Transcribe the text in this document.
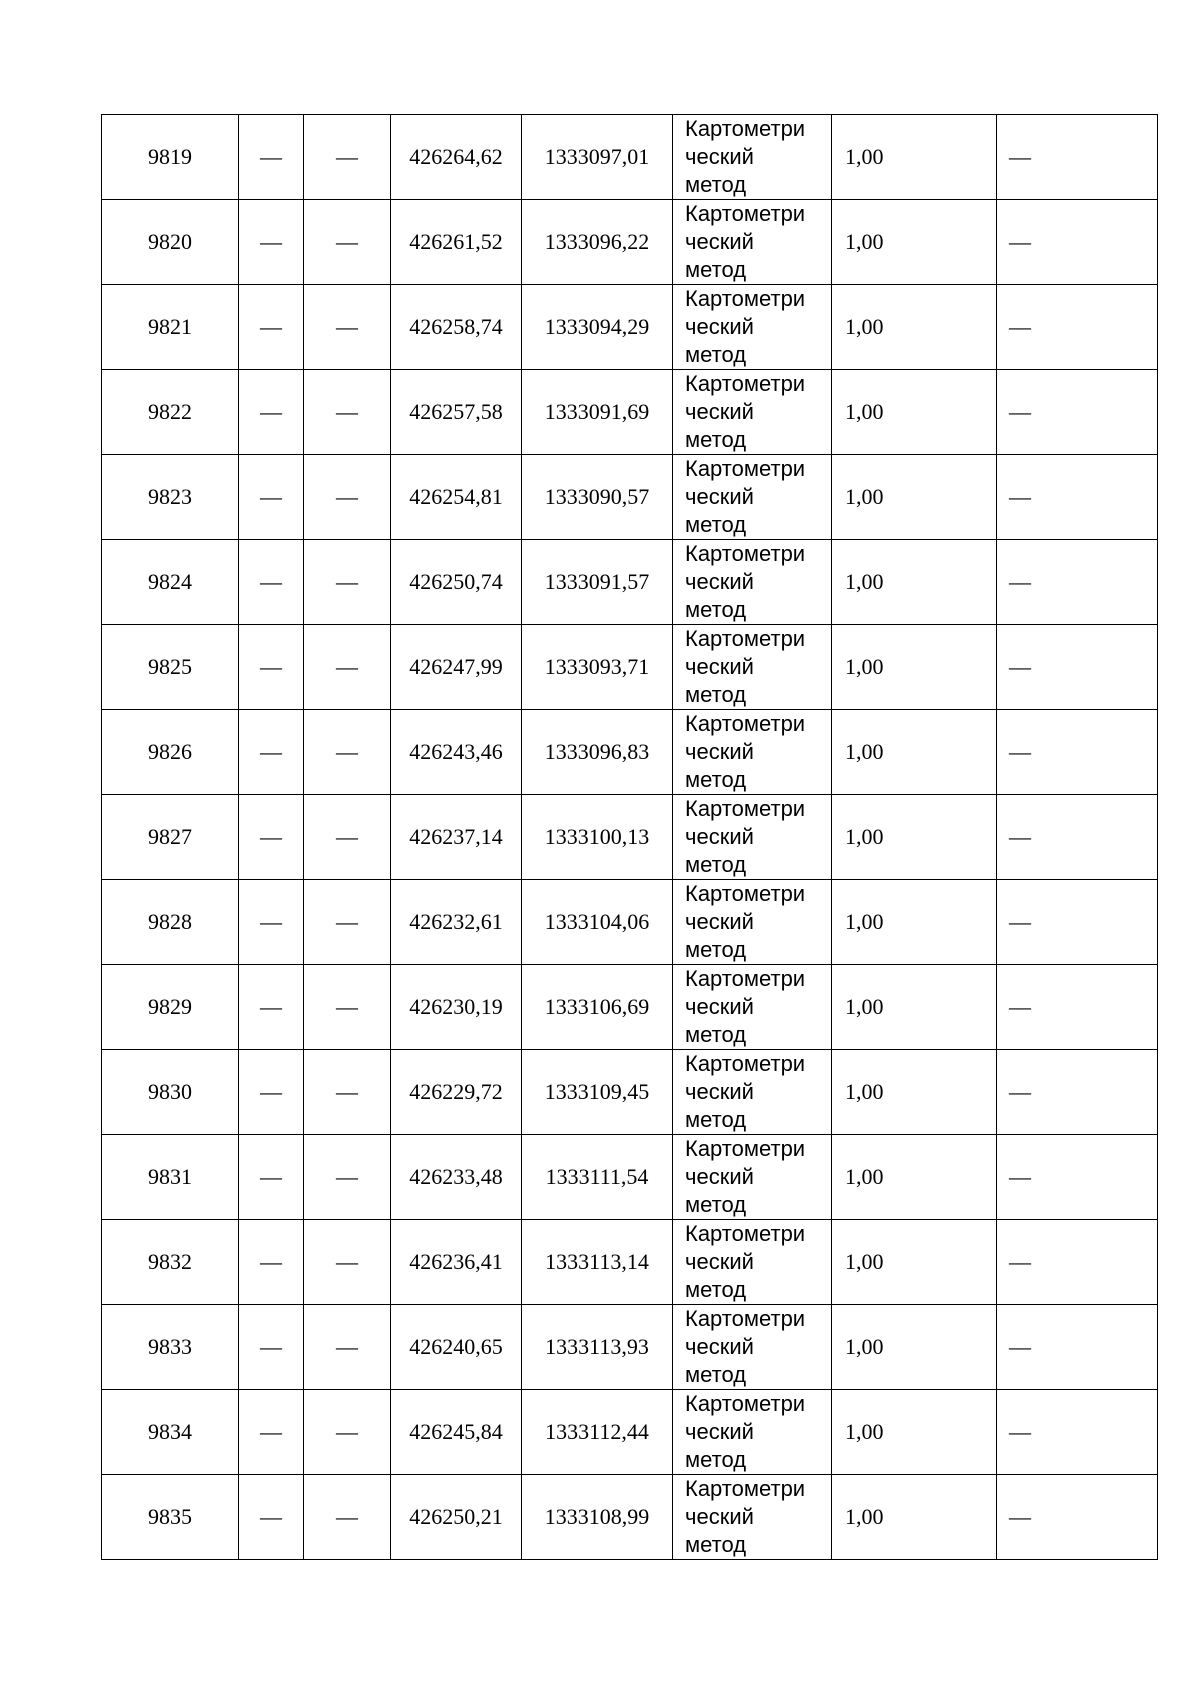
9819	—	—	426264,62	1333097,01	Картометри
ческий
метод	1,00	—
9820	—	—	426261,52	1333096,22	Картометри
ческий
метод	1,00	—
9821	—	—	426258,74	1333094,29	Картометри
ческий
метод	1,00	—
9822	—	—	426257,58	1333091,69	Картометри
ческий
метод	1,00	—
9823	—	—	426254,81	1333090,57	Картометри
ческий
метод	1,00	—
9824	—	—	426250,74	1333091,57	Картометри
ческий
метод	1,00	—
9825	—	—	426247,99	1333093,71	Картометри
ческий
метод	1,00	—
9826	—	—	426243,46	1333096,83	Картометри
ческий
метод	1,00	—
9827	—	—	426237,14	1333100,13	Картометри
ческий
метод	1,00	—
9828	—	—	426232,61	1333104,06	Картометри
ческий
метод	1,00	—
9829	—	—	426230,19	1333106,69	Картометри
ческий
метод	1,00	—
9830	—	—	426229,72	1333109,45	Картометри
ческий
метод	1,00	—
9831	—	—	426233,48	1333111,54	Картометри
ческий
метод	1,00	—
9832	—	—	426236,41	1333113,14	Картометри
ческий
метод	1,00	—
9833	—	—	426240,65	1333113,93	Картометри
ческий
метод	1,00	—
9834	—	—	426245,84	1333112,44	Картометри
ческий
метод	1,00	—
9835	—	—	426250,21	1333108,99	Картометри
ческий
метод	1,00	—
